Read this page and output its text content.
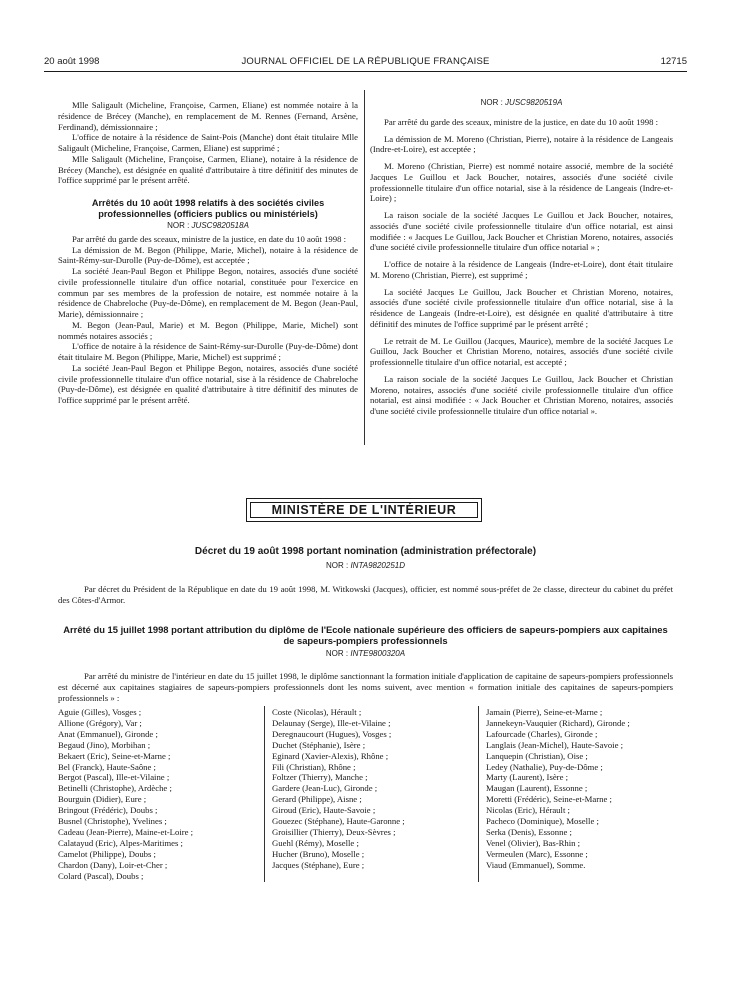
20 août 1998	JOURNAL OFFICIEL DE LA RÉPUBLIQUE FRANÇAISE	12715

Mlle Saligault (Micheline, Françoise, Carmen, Eliane) est nommée notaire à la résidence de Brécey (Manche), en remplacement de M. Rennes (Fernand, Arsène, Ferdinand), démissionnaire ;

L'office de notaire à la résidence de Saint-Pois (Manche) dont était titulaire Mlle Saligault (Micheline, Françoise, Carmen, Eliane) est supprimé ;

Mlle Saligault (Micheline, Françoise, Carmen, Eliane), notaire à la résidence de Brécey (Manche), est désignée en qualité d'attributaire à titre définitif des minutes de l'office supprimé par le présent arrêté.

Arrêtés du 10 août 1998 relatifs à des sociétés civiles professionnelles (officiers publics ou ministériels)
NOR : JUSC9820518A

Par arrêté du garde des sceaux, ministre de la justice, en date du 10 août 1998 :

La démission de M. Begon (Philippe, Marie, Michel), notaire à la résidence de Saint-Rémy-sur-Durolle (Puy-de-Dôme), est acceptée ;

La société Jean-Paul Begon et Philippe Begon, notaires, associés d'une société civile professionnelle titulaire d'un office notarial, constituée pour l'exercice en commun par ses membres de la profession de notaire, est nommée notaire à la résidence de Chabreloche (Puy-de-Dôme), en remplacement de M. Begon (Jean-Paul, Marie), démissionnaire ;

M. Begon (Jean-Paul, Marie) et M. Begon (Philippe, Marie, Michel) sont nommés notaires associés ;

L'office de notaire à la résidence de Saint-Rémy-sur-Durolle (Puy-de-Dôme) dont était titulaire M. Begon (Philippe, Marie, Michel) est supprimé ;

La société Jean-Paul Begon et Philippe Begon, notaires, associés d'une société civile professionnelle titulaire d'un office notarial, sise à la résidence de Chabreloche (Puy-de-Dôme), est désignée en qualité d'attributaire à titre définitif des minutes de l'office supprimé par le présent arrêté.

NOR : JUSC9820519A

Par arrêté du garde des sceaux, ministre de la justice, en date du 10 août 1998 :

La démission de M. Moreno (Christian, Pierre), notaire à la résidence de Langeais (Indre-et-Loire), est acceptée ;

M. Moreno (Christian, Pierre) est nommé notaire associé, membre de la société Jacques Le Guillou et Jack Boucher, notaires, associés d'une société civile professionnelle titulaire d'un office notarial, sise à la résidence de Langeais (Indre-et-Loire) ;

La raison sociale de la société Jacques Le Guillou et Jack Boucher, notaires, associés d'une société civile professionnelle titulaire d'un office notarial, est ainsi modifiée : « Jacques Le Guillou, Jack Boucher et Christian Moreno, notaires, associés d'une société civile professionnelle titulaire d'un office notarial » ;

L'office de notaire à la résidence de Langeais (Indre-et-Loire), dont était titulaire M. Moreno (Christian, Pierre), est supprimé ;

La société Jacques Le Guillou, Jack Boucher et Christian Moreno, notaires, associés d'une société civile professionnelle titulaire d'un office notarial, sise à la résidence de Langeais (Indre-et-Loire), est désignée en qualité d'attributaire à titre définitif des minutes de l'office supprimé par le présent arrêté ;

Le retrait de M. Le Guillou (Jacques, Maurice), membre de la société Jacques Le Guillou, Jack Boucher et Christian Moreno, notaires, associés d'une société civile professionnelle titulaire d'un office notarial, est accepté ;

La raison sociale de la société Jacques Le Guillou, Jack Boucher et Christian Moreno, notaires, associés d'une société civile professionnelle titulaire d'un office notarial, est ainsi modifiée : « Jack Boucher et Christian Moreno, notaires, associés d'une société civile professionnelle titulaire d'un office notarial ».

MINISTÈRE DE L'INTÉRIEUR
Décret du 19 août 1998 portant nomination (administration préfectorale)
NOR : INTA9820251D

Par décret du Président de la République en date du 19 août 1998, M. Witkowski (Jacques), officier, est nommé sous-préfet de 2e classe, directeur du cabinet du préfet des Côtes-d'Armor.

Arrêté du 15 juillet 1998 portant attribution du diplôme de l'Ecole nationale supérieure des officiers de sapeurs-pompiers aux capitaines de sapeurs-pompiers professionnels
NOR : INTE9800320A

Par arrêté du ministre de l'intérieur en date du 15 juillet 1998, le diplôme sanctionnant la formation initiale d'application de capitaine de sapeurs-pompiers professionnels est décerné aux capitaines stagiaires de sapeurs-pompiers professionnels dont les noms suivent, avec mention « formation initiale des capitaines de sapeurs-pompiers professionnels » :

Aguie (Gilles), Vosges ;
Allione (Grégory), Var ;
Anat (Emmanuel), Gironde ;
Begaud (Jino), Morbihan ;
Bekaert (Eric), Seine-et-Marne ;
Bel (Franck), Haute-Saône ;
Bergot (Pascal), Ille-et-Vilaine ;
Betinelli (Christophe), Ardèche ;
Bourguin (Didier), Eure ;
Bringout (Frédéric), Doubs ;
Busnel (Christophe), Yvelines ;
Cadeau (Jean-Pierre), Maine-et-Loire ;
Calatayud (Eric), Alpes-Maritimes ;
Camelot (Philippe), Doubs ;
Chardon (Dany), Loir-et-Cher ;
Colard (Pascal), Doubs ;
Coste (Nicolas), Hérault ;
Delaunay (Serge), Ille-et-Vilaine ;
Deregnaucourt (Hugues), Vosges ;
Duchet (Stéphanie), Isère ;
Eginard (Xavier-Alexis), Rhône ;
Fili (Christian), Rhône ;
Foltzer (Thierry), Manche ;
Gardere (Jean-Luc), Gironde ;
Gerard (Philippe), Aisne ;
Giroud (Eric), Haute-Savoie ;
Gouezec (Stéphane), Haute-Garonne ;
Groisillier (Thierry), Deux-Sèvres ;
Guehl (Rémy), Moselle ;
Hucher (Bruno), Moselle ;
Jacques (Stéphane), Eure ;
Jamain (Pierre), Seine-et-Marne ;
Jannekeyn-Vauquier (Richard), Gironde ;
Lafourcade (Charles), Gironde ;
Langlais (Jean-Michel), Haute-Savoie ;
Lanquepin (Christian), Oise ;
Ledey (Nathalie), Puy-de-Dôme ;
Marty (Laurent), Isère ;
Maugan (Laurent), Essonne ;
Moretti (Frédéric), Seine-et-Marne ;
Nicolas (Eric), Hérault ;
Pacheco (Dominique), Moselle ;
Serka (Denis), Essonne ;
Venel (Olivier), Bas-Rhin ;
Vermeulen (Marc), Essonne ;
Viaud (Emmanuel), Somme.
